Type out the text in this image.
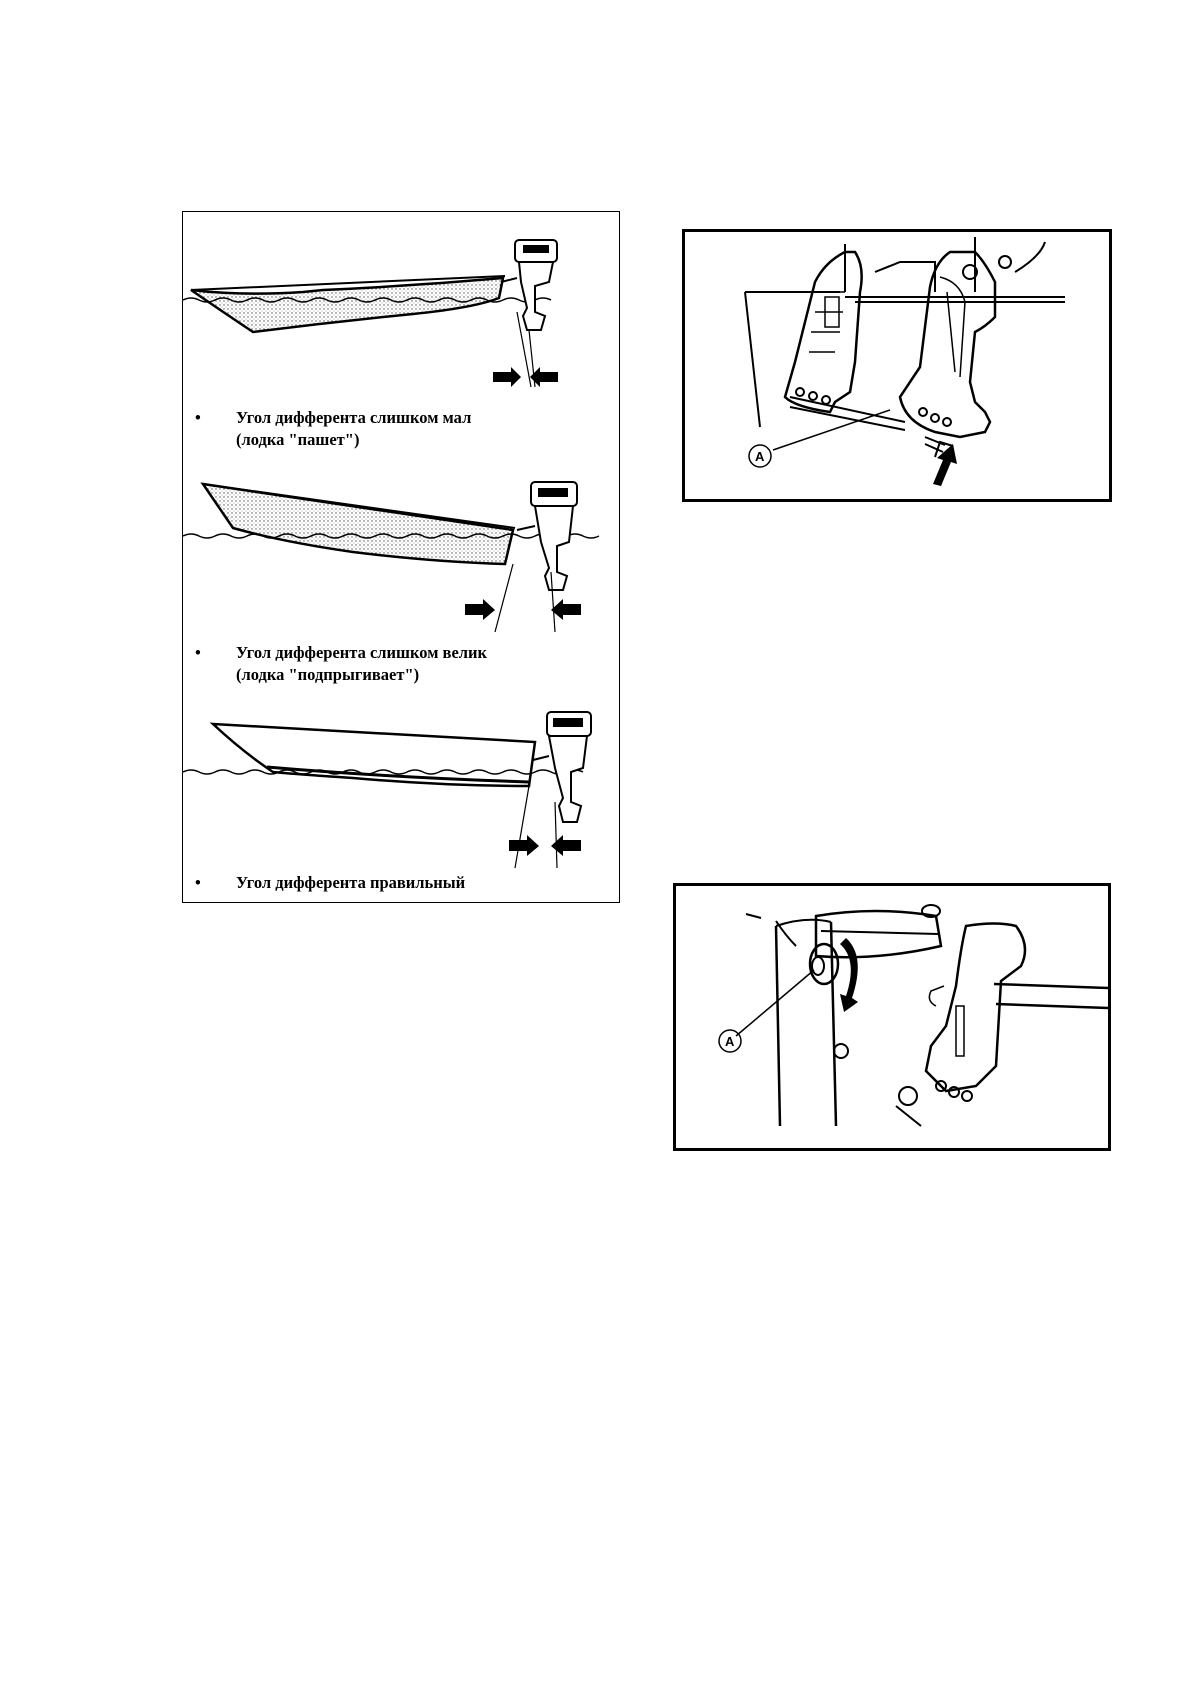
•	Угол дифферента слишком мал
(лодка "пашет")
•	Угол дифферента слишком велик
(лодка "подпрыгивает")
•	Угол дифферента правильный
A
A
